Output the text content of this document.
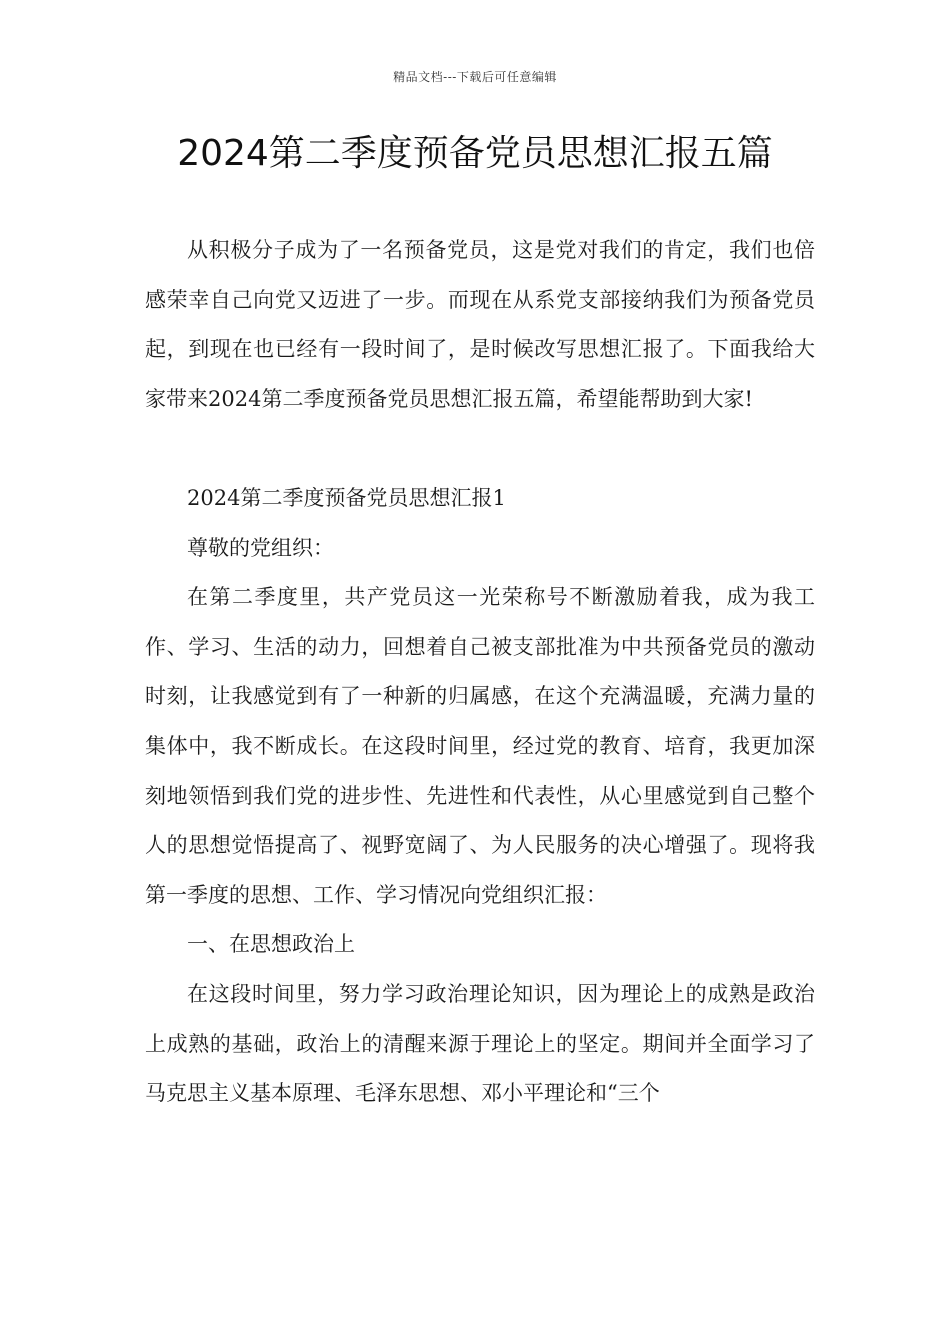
精品文档---下载后可任意编辑
2024第二季度预备党员思想汇报五篇

从积极分子成为了一名预备党员，这是党对我们的肯定，我们也倍感荣幸自己向党又迈进了一步。而现在从系党支部接纳我们为预备党员起，到现在也已经有一段时间了，是时候改写思想汇报了。下面我给大家带来2024第二季度预备党员思想汇报五篇，希望能帮助到大家!

2024第二季度预备党员思想汇报1

尊敬的党组织：

在第二季度里，共产党员这一光荣称号不断激励着我，成为我工作、学习、生活的动力，回想着自己被支部批准为中共预备党员的激动时刻，让我感觉到有了一种新的归属感，在这个充满温暖，充满力量的集体中，我不断成长。在这段时间里，经过党的教育、培育，我更加深刻地领悟到我们党的进步性、先进性和代表性，从心里感觉到自己整个人的思想觉悟提高了、视野宽阔了、为人民服务的决心增强了。现将我第一季度的思想、工作、学习情况向党组织汇报：

一、在思想政治上

在这段时间里，努力学习政治理论知识，因为理论上的成熟是政治上成熟的基础，政治上的清醒来源于理论上的坚定。期间并全面学习了马克思主义基本原理、毛泽东思想、邓小平理论和“三个
